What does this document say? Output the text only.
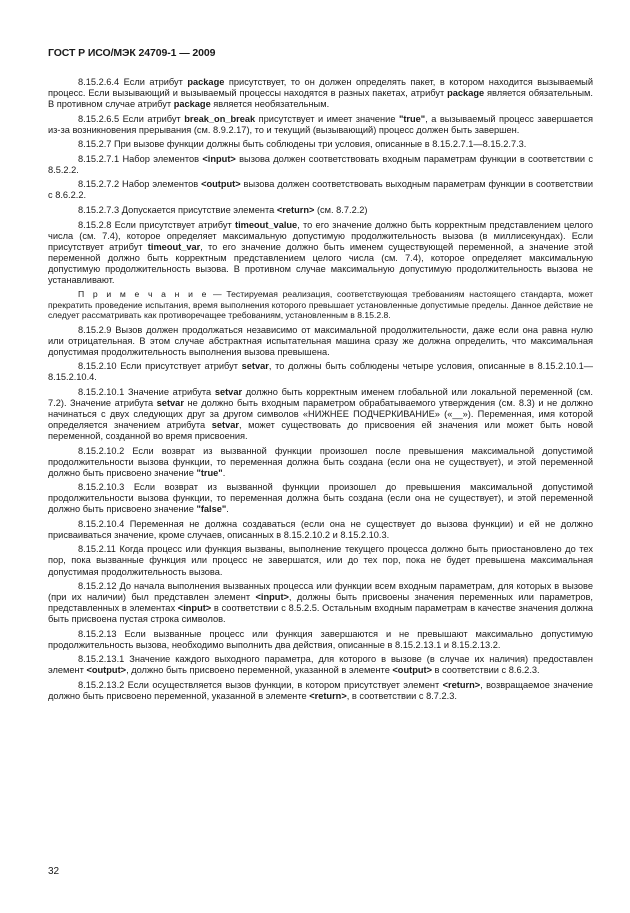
ГОСТ Р ИСО/МЭК 24709-1 — 2009

8.15.2.6.4 Если атрибут package присутствует, то он должен определять пакет, в котором находится вызываемый процесс. Если вызывающий и вызываемый процессы находятся в разных пакетах, атрибут package является обязательным. В противном случае атрибут package является необязательным.

8.15.2.6.5 Если атрибут break_on_break присутствует и имеет значение "true", а вызываемый процесс завершается из-за возникновения прерывания (см. 8.9.2.17), то и текущий (вызывающий) процесс должен быть завершен.

8.15.2.7 При вызове функции должны быть соблюдены три условия, описанные в 8.15.2.7.1—8.15.2.7.3.

8.15.2.7.1 Набор элементов <input> вызова должен соответствовать входным параметрам функции в соответствии с 8.5.2.2.

8.15.2.7.2 Набор элементов <output> вызова должен соответствовать выходным параметрам функции в соответствии с 8.6.2.2.

8.15.2.7.3 Допускается присутствие элемента <return> (см. 8.7.2.2)

8.15.2.8 Если присутствует атрибут timeout_value, то его значение должно быть корректным представлением целого числа (см. 7.4), которое определяет максимальную допустимую продолжительность вызова (в миллисекундах). Если присутствует атрибут timeout_var, то его значение должно быть именем существующей переменной, а значение этой переменной должно быть корректным представлением целого числа (см. 7.4), которое определяет максимальную допустимую продолжительность вызова. В противном случае максимальную допустимую продолжительность вызова не устанавливают.

П р и м е ч а н и е — Тестируемая реализация, соответствующая требованиям настоящего стандарта, может прекратить проведение испытания, время выполнения которого превышает установленные допустимые пределы. Данное действие не следует рассматривать как противоречащее требованиям, установленным в 8.15.2.8.

8.15.2.9 Вызов должен продолжаться независимо от максимальной продолжительности, даже если она равна нулю или отрицательная. В этом случае абстрактная испытательная машина сразу же должна определить, что максимальная допустимая продолжительность выполнения вызова превышена.

8.15.2.10 Если присутствует атрибут setvar, то должны быть соблюдены четыре условия, описанные в 8.15.2.10.1—8.15.2.10.4.

8.15.2.10.1 Значение атрибута setvar должно быть корректным именем глобальной или локальной переменной (см. 7.2). Значение атрибута setvar не должно быть входным параметром обрабатываемого утверждения (см. 8.3) и не должно начинаться с двух следующих друг за другом символов «НИЖНЕЕ ПОДЧЕРКИВАНИЕ» («__»). Переменная, имя которой определяется значением атрибута setvar, может существовать до присвоения ей значения или может быть новой переменной, созданной во время присвоения.

8.15.2.10.2 Если возврат из вызванной функции произошел после превышения максимальной допустимой продолжительности вызова функции, то переменная должна быть создана (если она не существует), и этой переменной должно быть присвоено значение "true".

8.15.2.10.3 Если возврат из вызванной функции произошел до превышения максимальной допустимой продолжительности вызова функции, то переменная должна быть создана (если она не существует), и этой переменной должно быть присвоено значение "false".

8.15.2.10.4 Переменная не должна создаваться (если она не существует до вызова функции) и ей не должно присваиваться значение, кроме случаев, описанных в 8.15.2.10.2 и 8.15.2.10.3.

8.15.2.11 Когда процесс или функция вызваны, выполнение текущего процесса должно быть приостановлено до тех пор, пока вызванные функция или процесс не завершатся, или до тех пор, пока не будет превышена максимальная допустимая продолжительность вызова.

8.15.2.12 До начала выполнения вызванных процесса или функции всем входным параметрам, для которых в вызове (при их наличии) был представлен элемент <input>, должны быть присвоены значения переменных или параметров, представленных в элементах <input> в соответствии с 8.5.2.5. Остальным входным параметрам в качестве значения должна быть присвоена пустая строка символов.

8.15.2.13 Если вызванные процесс или функция завершаются и не превышают максимально допустимую продолжительность вызова, необходимо выполнить два действия, описанные в 8.15.2.13.1 и 8.15.2.13.2.

8.15.2.13.1 Значение каждого выходного параметра, для которого в вызове (в случае их наличия) предоставлен элемент <output>, должно быть присвоено переменной, указанной в элементе <output> в соответствии с 8.6.2.3.

8.15.2.13.2 Если осуществляется вызов функции, в котором присутствует элемент <return>, возвращаемое значение должно быть присвоено переменной, указанной в элементе <return>, в соответствии с 8.7.2.3.

32
